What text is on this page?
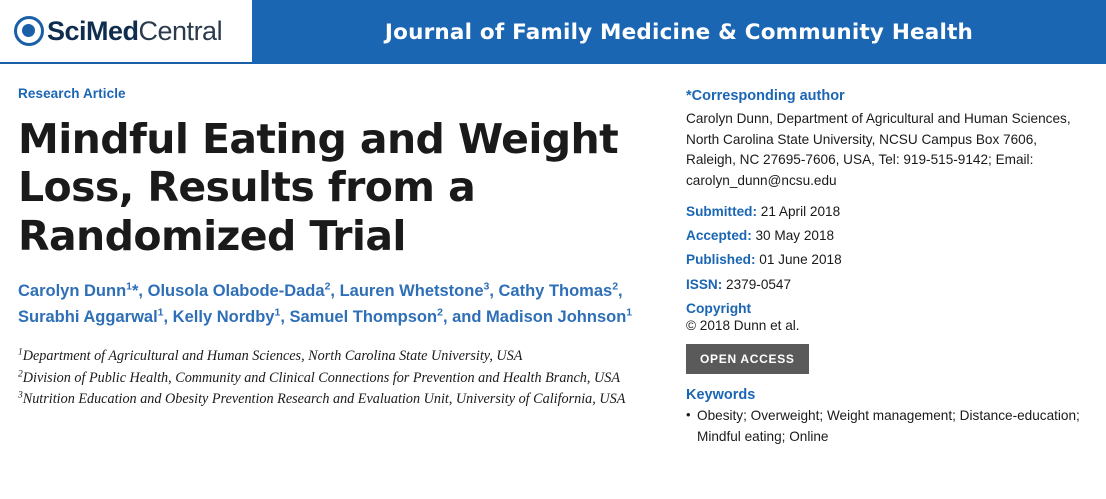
SciMedCentral	Journal of Family Medicine & Community Health
Research Article
Mindful Eating and Weight Loss, Results from a Randomized Trial
Carolyn Dunn$^1$*, Olusola Olabode-Dada$^2$, Lauren Whetstone$^3$, Cathy Thomas$^2$, Surabhi Aggarwal$^1$, Kelly Nordby$^1$, Samuel Thompson$^2$, and Madison Johnson$^1$
$^1$Department of Agricultural and Human Sciences, North Carolina State University, USA
$^2$Division of Public Health, Community and Clinical Connections for Prevention and Health Branch, USA
$^3$Nutrition Education and Obesity Prevention Research and Evaluation Unit, University of California, USA
*Corresponding author
Carolyn Dunn, Department of Agricultural and Human Sciences, North Carolina State University, NCSU Campus Box 7606, Raleigh, NC 27695-7606, USA, Tel: 919-515-9142; Email: carolyn_dunn@ncsu.edu
Submitted: 21 April 2018
Accepted: 30 May 2018
Published: 01 June 2018
ISSN: 2379-0547
Copyright
© 2018 Dunn et al.
OPEN ACCESS
Keywords
• Obesity; Overweight; Weight management; Distance-education; Mindful eating; Online
